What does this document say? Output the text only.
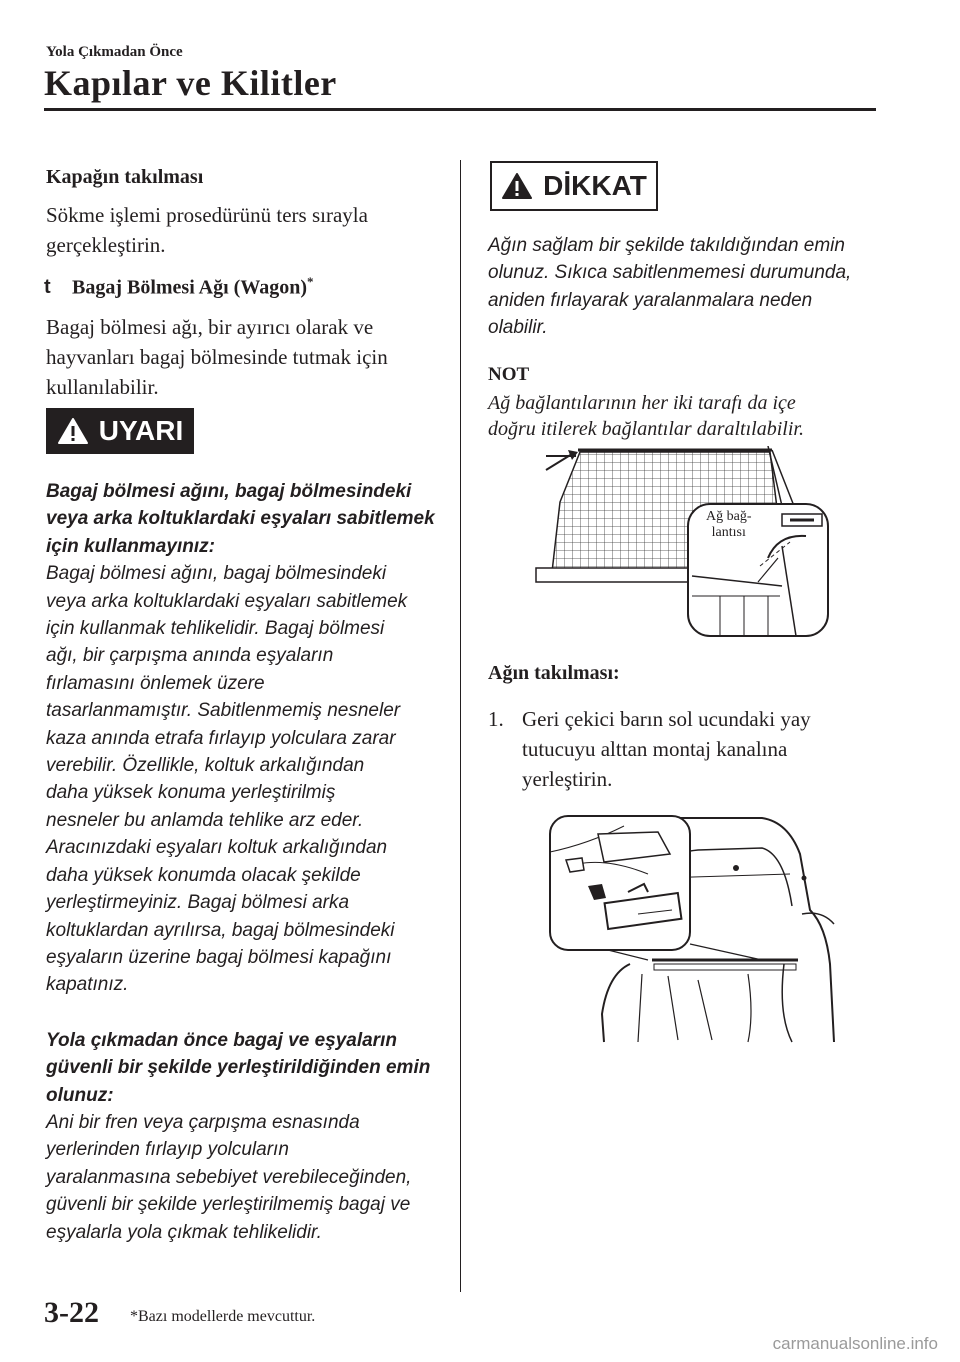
Yola Çıkmadan Önce
Kapılar ve Kilitler
Kapağın takılması
Sökme işlemi prosedürünü ters sırayla
gerçekleştirin.
t Bagaj Bölmesi Ağı (Wagon)*
Bagaj bölmesi ağı, bir ayırıcı olarak ve
hayvanları bagaj bölmesinde tutmak için
kullanılabilir.
UYARI
Bagaj bölmesi ağını, bagaj bölmesindeki
veya arka koltuklardaki eşyaları sabitlemek
için kullanmayınız:
Bagaj bölmesi ağını, bagaj bölmesindeki
veya arka koltuklardaki eşyaları sabitlemek
için kullanmak tehlikelidir. Bagaj bölmesi
ağı, bir çarpışma anında eşyaların
fırlamasını önlemek üzere
tasarlanmamıştır. Sabitlenmemiş nesneler
kaza anında etrafa fırlayıp yolculara zarar
verebilir. Özellikle, koltuk arkalığından
daha yüksek konuma yerleştirilmiş
nesneler bu anlamda tehlike arz eder.
Aracınızdaki eşyaları koltuk arkalığından
daha yüksek konumda olacak şekilde
yerleştirmeyiniz. Bagaj bölmesi arka
koltuklardan ayrılırsa, bagaj bölmesindeki
eşyaların üzerine bagaj bölmesi kapağını
kapatınız.
Yola çıkmadan önce bagaj ve eşyaların
güvenli bir şekilde yerleştirildiğinden emin
olunuz:
Ani bir fren veya çarpışma esnasında
yerlerinden fırlayıp yolcuların
yaralanmasına sebebiyet verebileceğinden,
güvenli bir şekilde yerleştirilmemiş bagaj ve
eşyalarla yola çıkmak tehlikelidir.
DİKKAT
Ağın sağlam bir şekilde takıldığından emin
olunuz. Sıkıca sabitlenmemesi durumunda,
aniden fırlayarak yaralanmalara neden
olabilir.
NOT
Ağ bağlantılarının her iki tarafı da içe
doğru itilerek bağlantılar daraltılabilir.
Ağ bağ-
lantısı
Ağın takılması:
1. Geri çekici barın sol ucundaki yay
tutucuyu alttan montaj kanalına
yerleştirin.
3-22 *Bazı modellerde mevcuttur.
carmanualsonline.info
